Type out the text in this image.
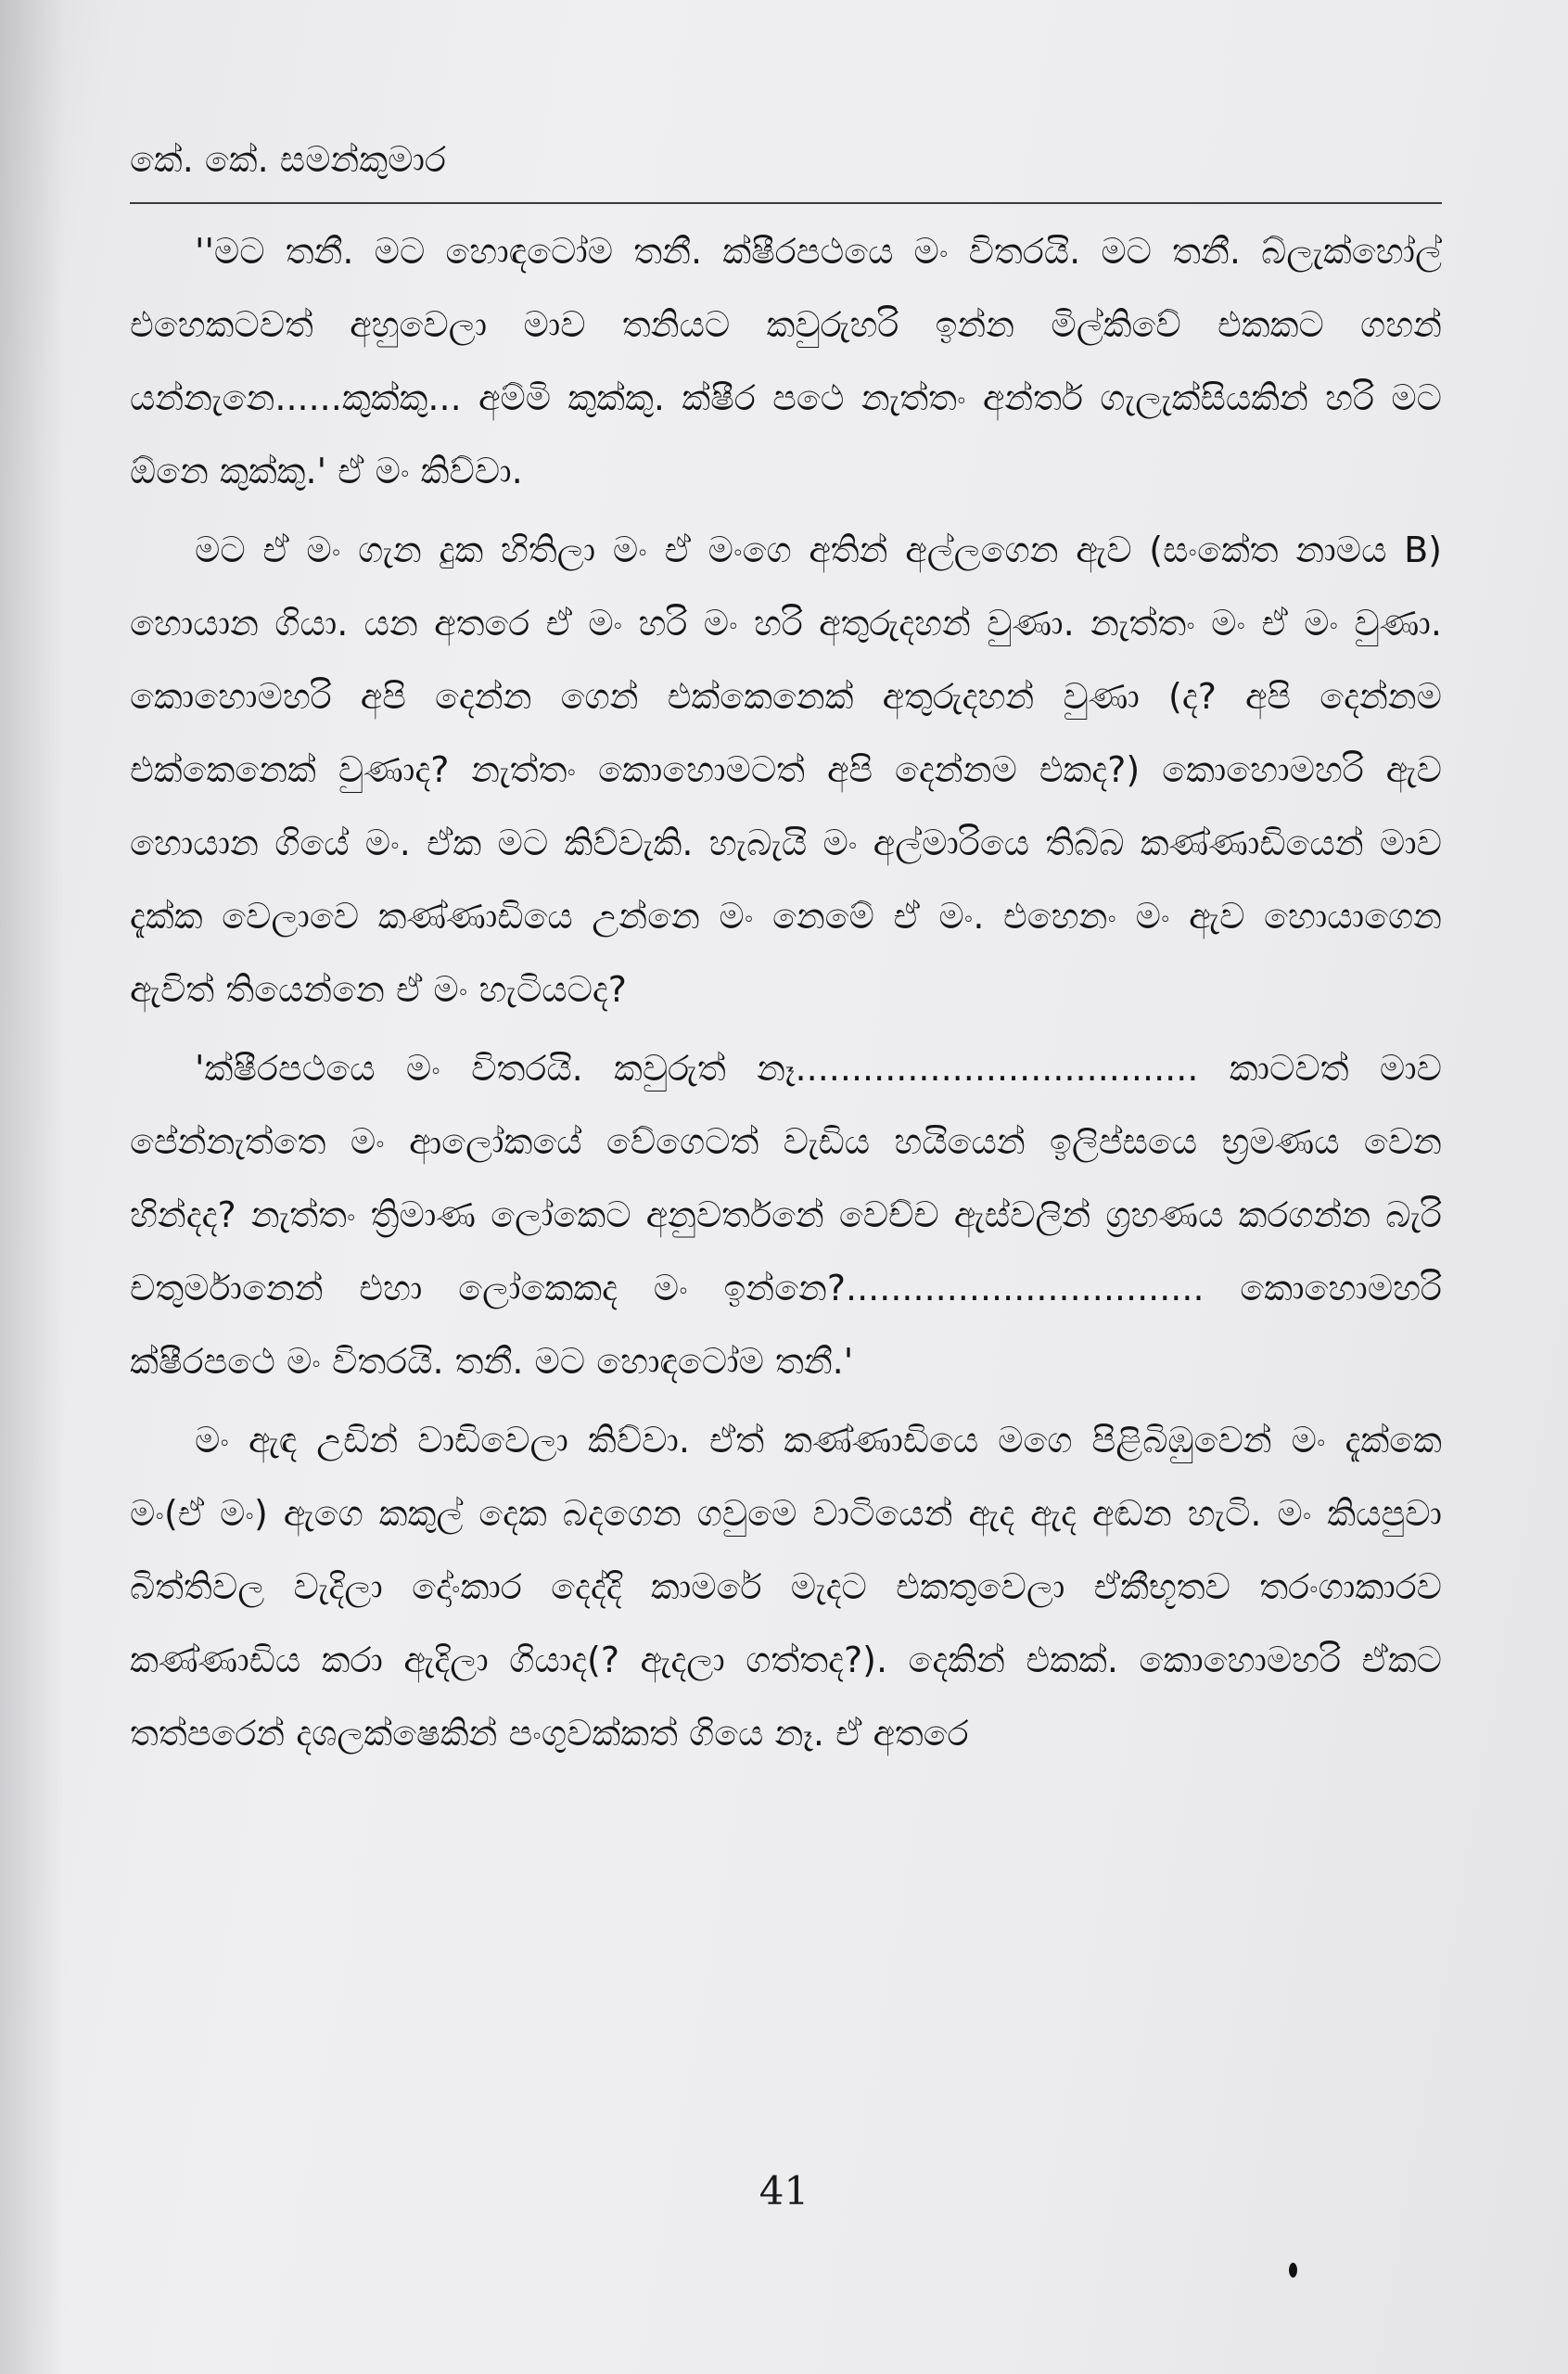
කේ. කේ. සමන්කුමාර

''මට තනී. මට හොඳටෝම තනී. ක්ෂීරපථයෙ මං විතරයි. මට තනී. බ්ලැක්හෝල් එහෙකටවත් අහුවෙලා මාව තනියට කවුරුහරි ඉන්න මිල්කිවේ එකකට ගහන් යන්නැනෙ......කුක්කු... අම්මි කුක්කු. ක්ෂීර පථෙ නැත්තං අන්තර් ගැලැක්සියකින් හරි මට ඕනෙ කුක්කු.' ඒ මං කිව්වා.

මට ඒ මං ගැන දුක හිතිලා මං ඒ මංගෙ අතින් අල්ලගෙන ඇව (සංකේත නාමය B) හොයාන ගියා. යන අතරෙ ඒ මං හරි මං හරි අතුරුදහන් වුණා. නැත්තං මං ඒ මං වුණා. කොහොමහරි අපි දෙන්න ගෙන් එක්කෙනෙක් අතුරුදහන් වුණා (ද? අපි දෙන්නම එක්කෙනෙක් වුණාද? නැත්තං කොහොමටත් අපි දෙන්නම එකද?) කොහොමහරි ඇව හොයාන ගියේ මං. ඒක මට කිව්වැකි. හැබැයි මං අල්මාරියෙ තිබ්බ කණ්ණාඩියෙන් මාව දැක්ක වෙලාවෙ කණ්ණාඩියෙ උන්නෙ මං නෙමේ ඒ මං. එහෙනං මං ඇව හොයාගෙන ඇවිත් තියෙන්නෙ ඒ මං හැටියටද?

'ක්ෂීරපථයෙ මං විතරයි. කවුරුත් නෑ.................................... කාටවත් මාව පේන්නැත්තෙ මං ආලෝකයේ වේගෙටත් වැඩිය හයියෙන් ඉලිප්සයෙ භ්‍රමණය වෙන හින්දද? නැත්තං ත්‍රිමාණ ලෝකෙට අනුවර්තනේ වෙච්ච ඇස්වලින් ග්‍රහණය කරගන්න බැරි චතුර්මානෙන් එහා ලෝකෙකද මං ඉන්නෙ?................................ කොහොමහරි ක්ෂීරපථෙ මං විතරයි. තනී. මට හොඳටෝම තනී.'

මං ඇඳ උඩින් වාඩිවෙලා කිව්වා. ඒත් කණ්ණාඩියෙ මගෙ පිළිබිඹුවෙන් මං දැක්කෙ මං(ඒ මං) ඇගෙ කකුල් දෙක බදගෙන ගවුමෙ වාටියෙන් ඇද ඇද අඬන හැටි. මං කියපුවා බිත්තිවල වැදිලා දෝංකාර දෙද්දි කාමරේ මැදට එකතුවෙලා ඒකීභූතව තරංගාකාරව කණ්ණාඩිය කරා ඇදිලා ගියාද(? ඇදලා ගත්තද?). දෙකින් එකක්. කොහොමහරි ඒකට තත්පරෙන් දශලක්ෂෙකින් පංගුවක්කත් ගියෙ නෑ. ඒ අතරෙ

41
